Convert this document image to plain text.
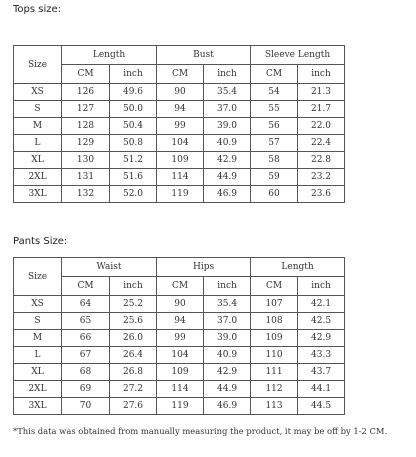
Tops size:
Size	Length		Bust		Sleeve Length	
	CM	inch	CM	inch	CM	inch
XS	126	49.6	90	35.4	54	21.3
S	127	50.0	94	37.0	55	21.7
M	128	50.4	99	39.0	56	22.0
L	129	50.8	104	40.9	57	22.4
XL	130	51.2	109	42.9	58	22.8
2XL	131	51.6	114	44.9	59	23.2
3XL	132	52.0	119	46.9	60	23.6
Pants Size:
Size	Waist		Hips		Length	
	CM	inch	CM	inch	CM	inch
XS	64	25.2	90	35.4	107	42.1
S	65	25.6	94	37.0	108	42.5
M	66	26.0	99	39.0	109	42.9
L	67	26.4	104	40.9	110	43.3
XL	68	26.8	109	42.9	111	43.7
2XL	69	27.2	114	44.9	112	44.1
3XL	70	27.6	119	46.9	113	44.5
*This data was obtained from manually measuring the product, it may be off by 1-2 CM.
